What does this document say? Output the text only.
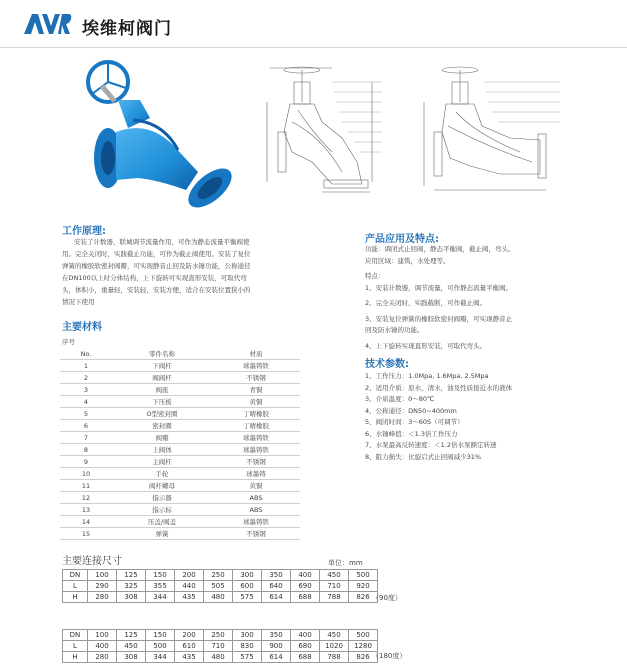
埃维柯阀门
工作原理:
安装了计数器，联城调节流量作用，可作为静态流量平衡阀使
用。完全关闭时，实践截止功能，可作为截止阀使用。安装了复位
弹簧的橡胶软密封阀瓣，可实现静音止回及防水锤功能，公称通径
在DN100以上时分体结构，上下旋转可实现直形安装，可取代弯
头，体积小，重量轻，安装轻，安装方便，适合在安装位置狭小的
情况下使用
主要材料
序号
No.	零件名称	材质
1	下阀杆	球墨铸铁
2	阀阀杆	不锈钢
3	阀座	青铜
4	下压板	黄铜
5	O型密封圈	丁晴橡胶
6	密封圈	丁晴橡胶
7	阀瓣	球墨铸铁
8	上阀体	球墨铸铁
9	主阀杆	不锈钢
10	手轮	球墨铸
11	阀杆螺母	黄铜
12	指示器	ABS
13	指示标	ABS
14	压盖/阀盖	球墨铸铁
15	弹簧	不锈钢
产品应用及特点:
功能：调闭式止回阀，静态平衡阀，截止阀，弯头。
应用区域：建筑，水处理等。
特点：
1、安装计数器，调节流量，可作静态流量平衡阀。
2、完全关闭时，实践截断，可作截止阀。
3、安装复位弹簧的橡胶软密封阀瓣，可实现静音止
回及防水锤的功能。
4、上下旋转实现直形安装，可取代弯头。
技术参数:
1、工作压力：1.0Mpa, 1.6Mpa, 2.5Mpa
2、适用介质：原水，清水，油及性质接近水的液体
3、介质温度：0～80℃
4、公称通径：DN50~400mm
5、阀闭时间：3～60S（可调节）
6、水锤峰值：＜1.3倍工作压力
7、水泵最高反转速度：＜1.2倍水泵额定转速
8、阻力损失：比旋启式止回阀减少31%
主要连接尺寸	单位：mm
DN	100	125	150	200	250	300	350	400	450	500
L	290	325	355	440	505	600	640	690	710	920
H	280	308	344	435	480	575	614	688	788	826 （90度）
DN	100	125	150	200	250	300	350	400	450	500
L	400	450	500	610	710	830	900	680	1020	1280
H	280	308	344	435	480	575	614	688	788	826 （180度）
